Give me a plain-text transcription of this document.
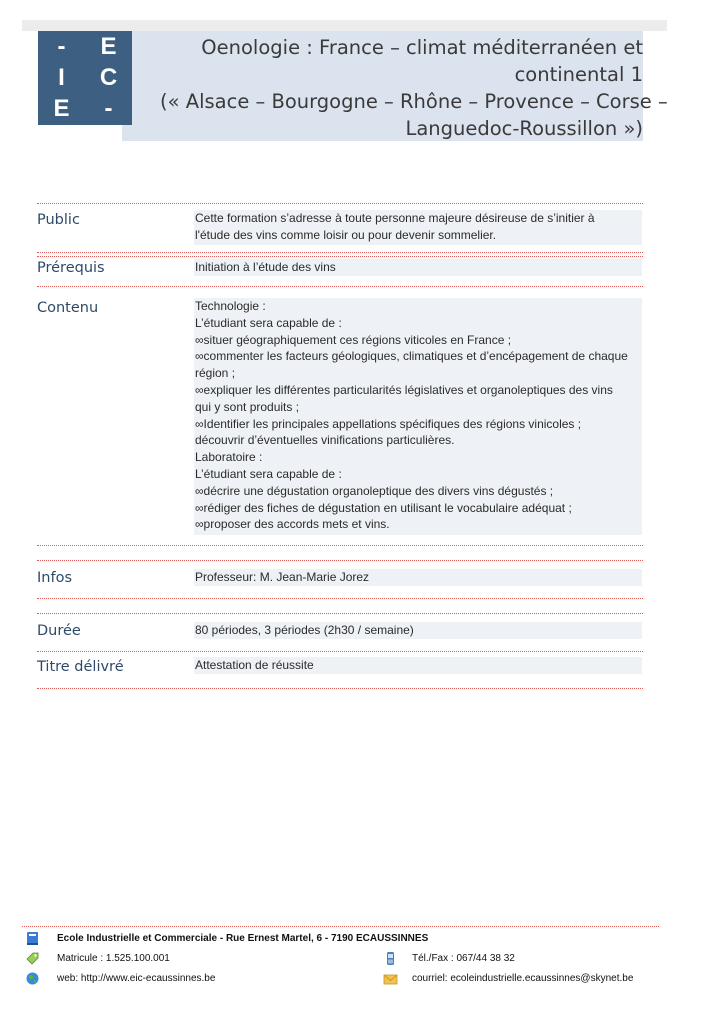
-	E
I	C
E	-
Oenologie : France – climat méditerranéen et
continental 1
(« Alsace – Bourgogne – Rhône – Provence – Corse –
Languedoc-Roussillon »)
Public	Cette formation s’adresse à toute personne majeure désireuse de s’initier à
l'étude des vins comme loisir ou pour devenir sommelier.
Prérequis	Initiation à l’étude des vins
Contenu	Technologie :
L’étudiant sera capable de :
∞situer géographiquement ces régions viticoles en France ;
∞commenter les facteurs géologiques, climatiques et d’encépagement de chaque
région ;
∞expliquer les différentes particularités législatives et organoleptiques des vins
qui y sont produits ;
∞Identifier les principales appellations spécifiques des régions vinicoles ;
découvrir d’éventuelles vinifications particulières.
Laboratoire :
L’étudiant sera capable de :
∞décrire une dégustation organoleptique des divers vins dégustés ;
∞rédiger des fiches de dégustation en utilisant le vocabulaire adéquat ;
∞proposer des accords mets et vins.
Infos	Professeur: M. Jean-Marie Jorez
Durée	80 périodes, 3 périodes (2h30 / semaine)
Titre délivré	Attestation de réussite
Ecole Industrielle et Commerciale - Rue Ernest Martel, 6 - 7190 ECAUSSINNES
Matricule : 1.525.100.001	Tél./Fax : 067/44 38 32
web: http://www.eic-ecaussinnes.be	courriel: ecoleindustrielle.ecaussinnes@skynet.be
